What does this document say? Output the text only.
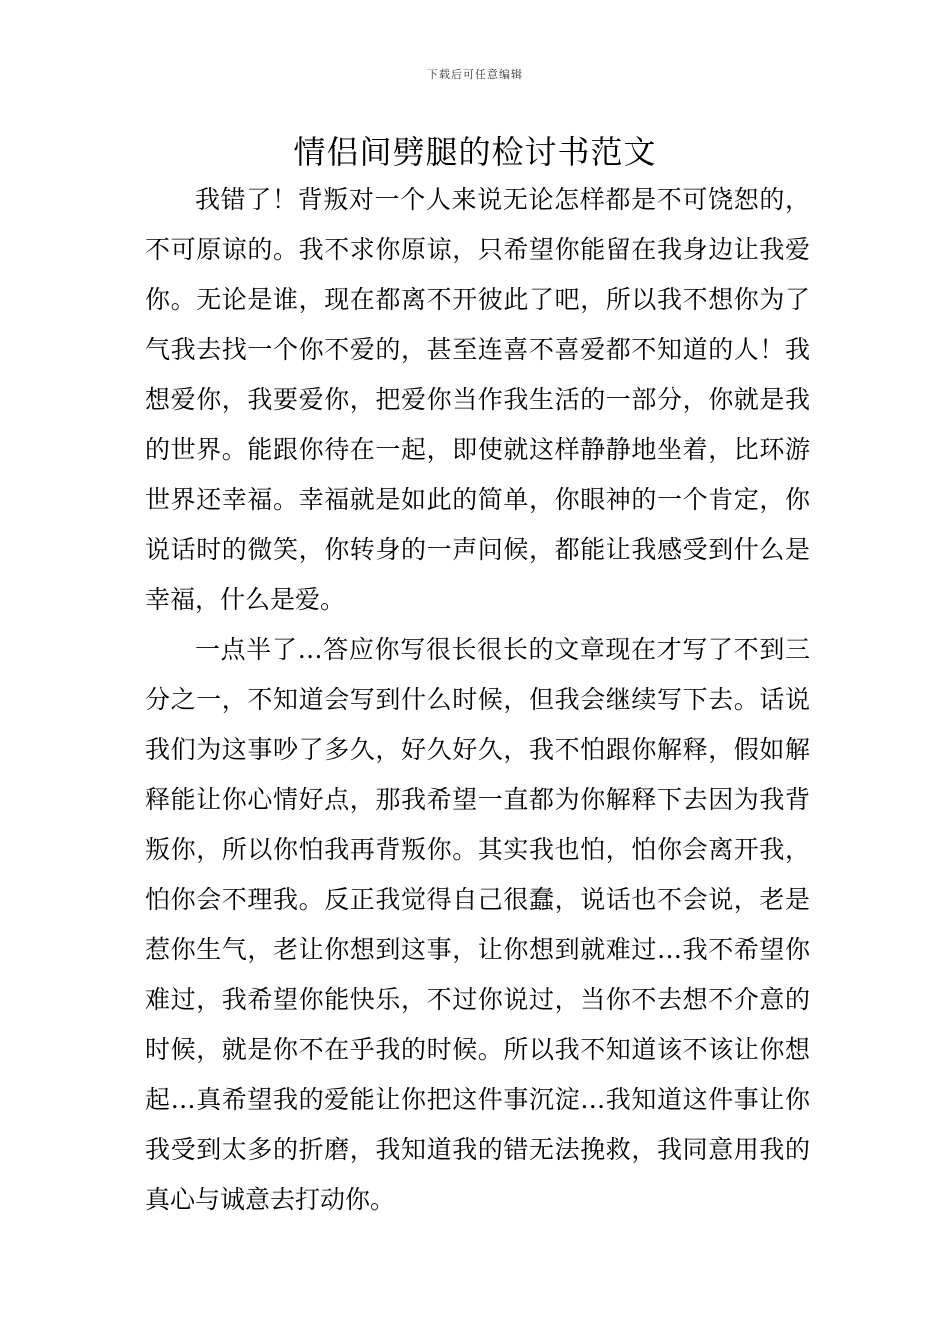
下载后可任意编辑
情侣间劈腿的检讨书范文

我错了！背叛对一个人来说无论怎样都是不可饶恕的，不可原谅的。我不求你原谅，只希望你能留在我身边让我爱你。无论是谁，现在都离不开彼此了吧，所以我不想你为了气我去找一个你不爱的，甚至连喜不喜爱都不知道的人！我想爱你，我要爱你，把爱你当作我生活的一部分，你就是我的世界。能跟你待在一起，即使就这样静静地坐着，比环游世界还幸福。幸福就是如此的简单，你眼神的一个肯定，你说话时的微笑，你转身的一声问候，都能让我感受到什么是幸福，什么是爱。

一点半了…答应你写很长很长的文章现在才写了不到三分之一，不知道会写到什么时候，但我会继续写下去。话说我们为这事吵了多久，好久好久，我不怕跟你解释，假如解释能让你心情好点，那我希望一直都为你解释下去因为我背叛你，所以你怕我再背叛你。其实我也怕，怕你会离开我，怕你会不理我。反正我觉得自己很蠢，说话也不会说，老是惹你生气，老让你想到这事，让你想到就难过…我不希望你难过，我希望你能快乐，不过你说过，当你不去想不介意的时候，就是你不在乎我的时候。所以我不知道该不该让你想起…真希望我的爱能让你把这件事沉淀…我知道这件事让你我受到太多的折磨，我知道我的错无法挽救，我同意用我的真心与诚意去打动你。
